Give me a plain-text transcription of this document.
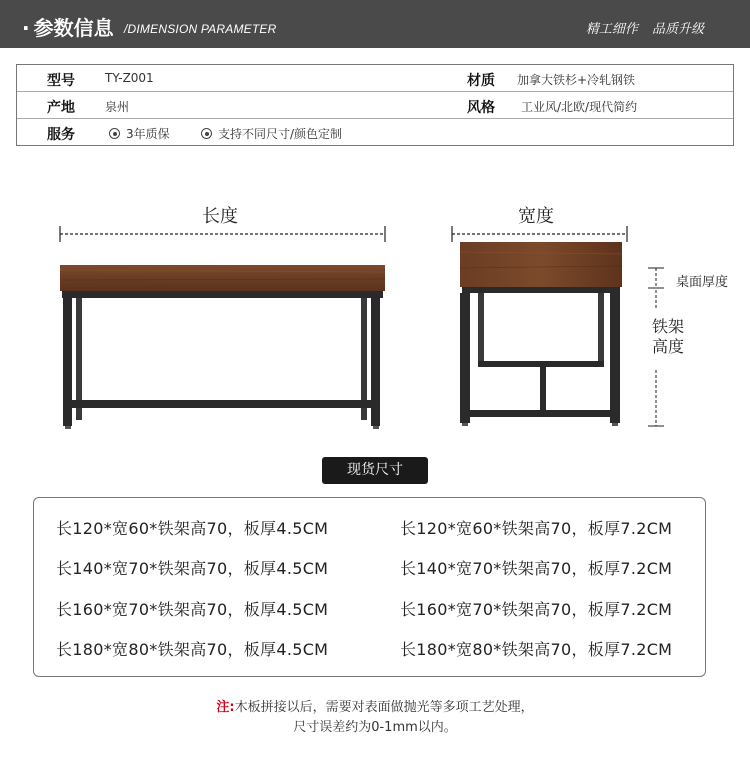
· 参数信息 /DIMENSION PARAMETER	精工细作 品质升级
型号	TY-Z001	材质 加拿大铁杉+冷轧钢铁
产地	泉州	风格 工业风/北欧/现代简约
服务	3年质保	支持不同尺寸/颜色定制
长度	宽度
桌面厚度
铁架
高度
现货尺寸
长120*宽60*铁架高70，板厚4.5CM	长120*宽60*铁架高70，板厚7.2CM
长140*宽70*铁架高70，板厚4.5CM	长140*宽70*铁架高70，板厚7.2CM
长160*宽70*铁架高70，板厚4.5CM	长160*宽70*铁架高70，板厚7.2CM
长180*宽80*铁架高70，板厚4.5CM	长180*宽80*铁架高70，板厚7.2CM
注:木板拼接以后，需要对表面做抛光等多项工艺处理，
尺寸误差约为0-1mm以内。
